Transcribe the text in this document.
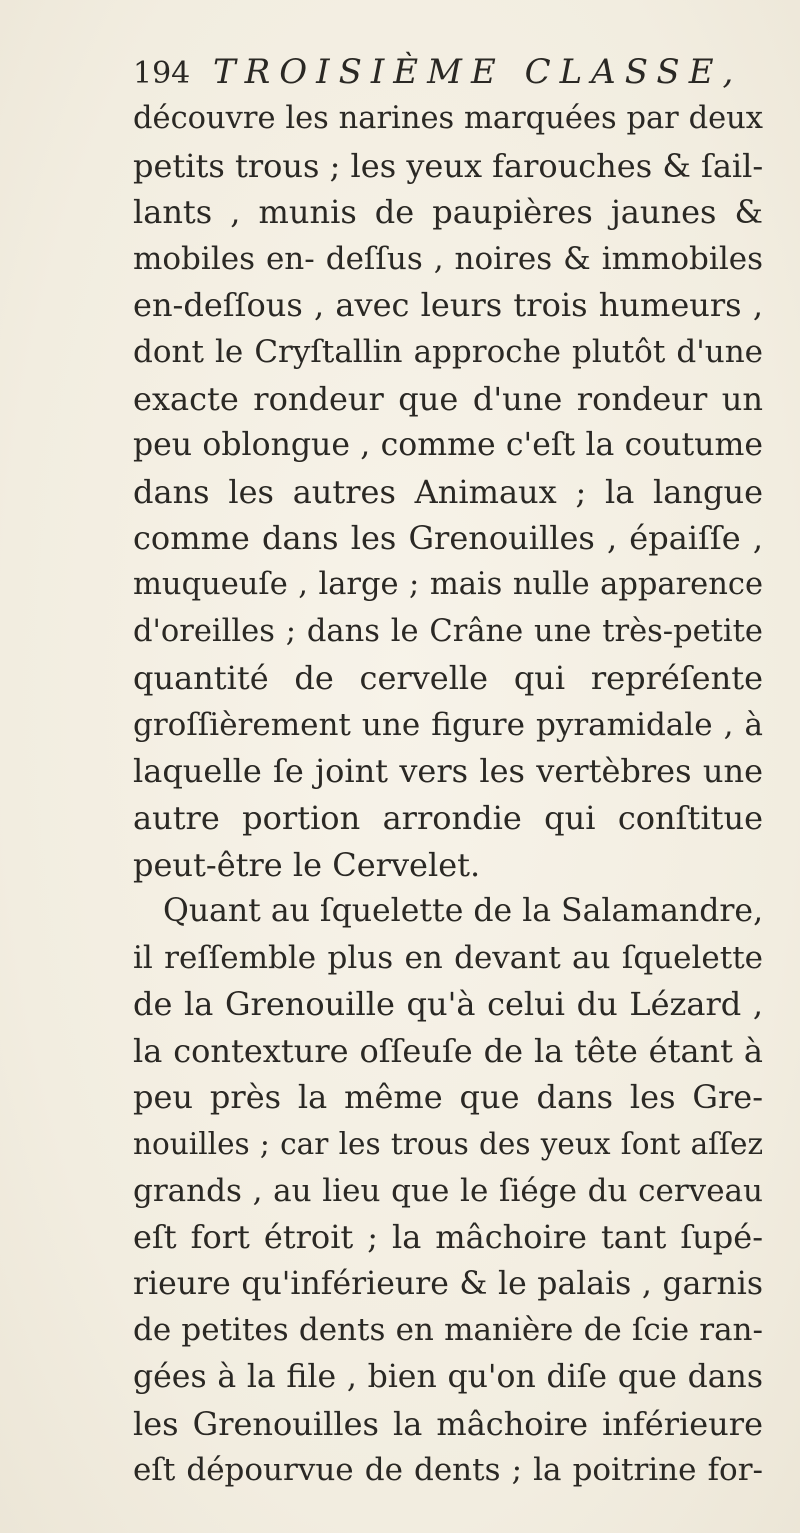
194 TROISIÈME CLASSE,
découvre les narines marquées par deux
petits trous ; les yeux farouches & ſail-
lants , munis de paupières jaunes &
mobiles en- deſſus , noires & immobiles
en-deſſous , avec leurs trois humeurs ,
dont le Cryſtallin approche plutôt d'une
exacte rondeur que d'une rondeur un
peu oblongue , comme c'eſt la coutume
dans les autres Animaux ; la langue
comme dans les Grenouilles , épaiſſe ,
muqueuſe , large ; mais nulle apparence
d'oreilles ; dans le Crâne une très-petite
quantité de cervelle qui repréſente
groſſièrement une figure pyramidale , à
laquelle ſe joint vers les vertèbres une
autre portion arrondie qui conſtitue
peut-être le Cervelet.
Quant au ſquelette de la Salamandre,
il reſſemble plus en devant au ſquelette
de la Grenouille qu'à celui du Lézard ,
la contexture oſſeuſe de la tête étant à
peu près la même que dans les Gre-
nouilles ; car les trous des yeux ſont aſſez
grands , au lieu que le ſiége du cerveau
eſt fort étroit ; la mâchoire tant ſupé-
rieure qu'inférieure & le palais , garnis
de petites dents en manière de ſcie ran-
gées à la file , bien qu'on diſe que dans
les Grenouilles la mâchoire inférieure
eſt dépourvue de dents ; la poitrine for-
